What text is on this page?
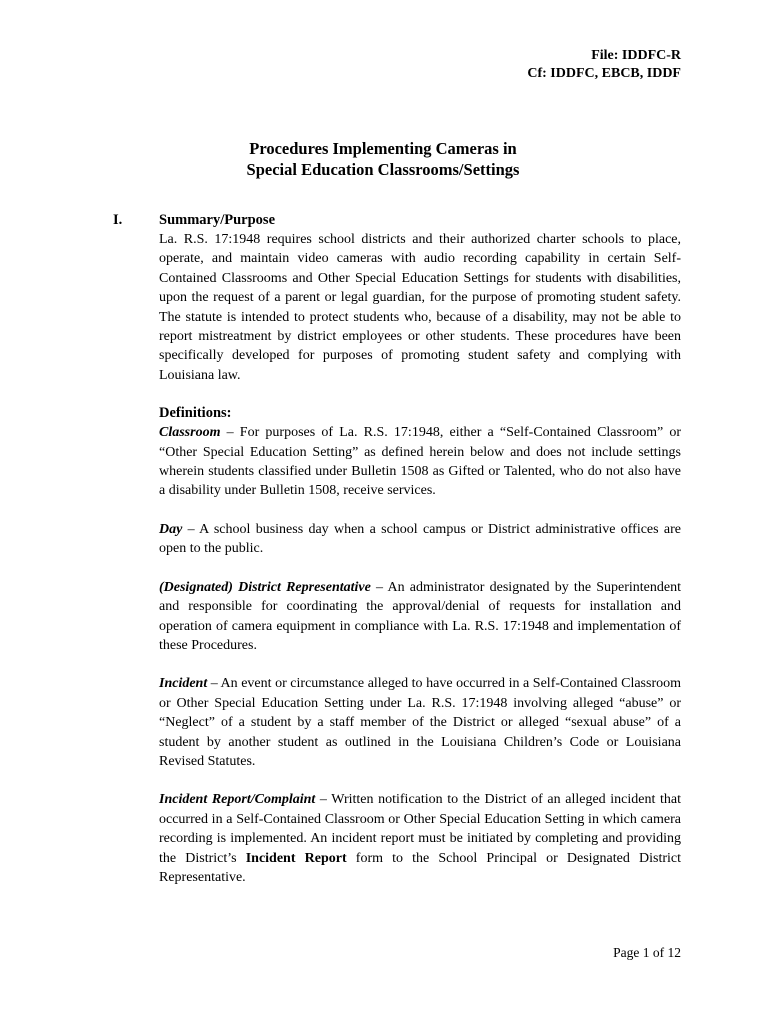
File: IDDFC-R
Cf: IDDFC, EBCB, IDDF
Procedures Implementing Cameras in
Special Education Classrooms/Settings
I.	Summary/Purpose

La. R.S. 17:1948 requires school districts and their authorized charter schools to place, operate, and maintain video cameras with audio recording capability in certain Self-Contained Classrooms and Other Special Education Settings for students with disabilities, upon the request of a parent or legal guardian, for the purpose of promoting student safety. The statute is intended to protect students who, because of a disability, may not be able to report mistreatment by district employees or other students. These procedures have been specifically developed for purposes of promoting student safety and complying with Louisiana law.

Definitions:

Classroom – For purposes of La. R.S. 17:1948, either a “Self-Contained Classroom” or “Other Special Education Setting” as defined herein below and does not include settings wherein students classified under Bulletin 1508 as Gifted or Talented, who do not also have a disability under Bulletin 1508, receive services.

Day – A school business day when a school campus or District administrative offices are open to the public.

(Designated) District Representative – An administrator designated by the Superintendent and responsible for coordinating the approval/denial of requests for installation and operation of camera equipment in compliance with La. R.S. 17:1948 and implementation of these Procedures.

Incident – An event or circumstance alleged to have occurred in a Self-Contained Classroom or Other Special Education Setting under La. R.S. 17:1948 involving alleged “abuse” or “Neglect” of a student by a staff member of the District or alleged “sexual abuse” of a student by another student as outlined in the Louisiana Children’s Code or Louisiana Revised Statutes.

Incident Report/Complaint – Written notification to the District of an alleged incident that occurred in a Self-Contained Classroom or Other Special Education Setting in which camera recording is implemented. An incident report must be initiated by completing and providing the District’s Incident Report form to the School Principal or Designated District Representative.

Page 1 of 12
